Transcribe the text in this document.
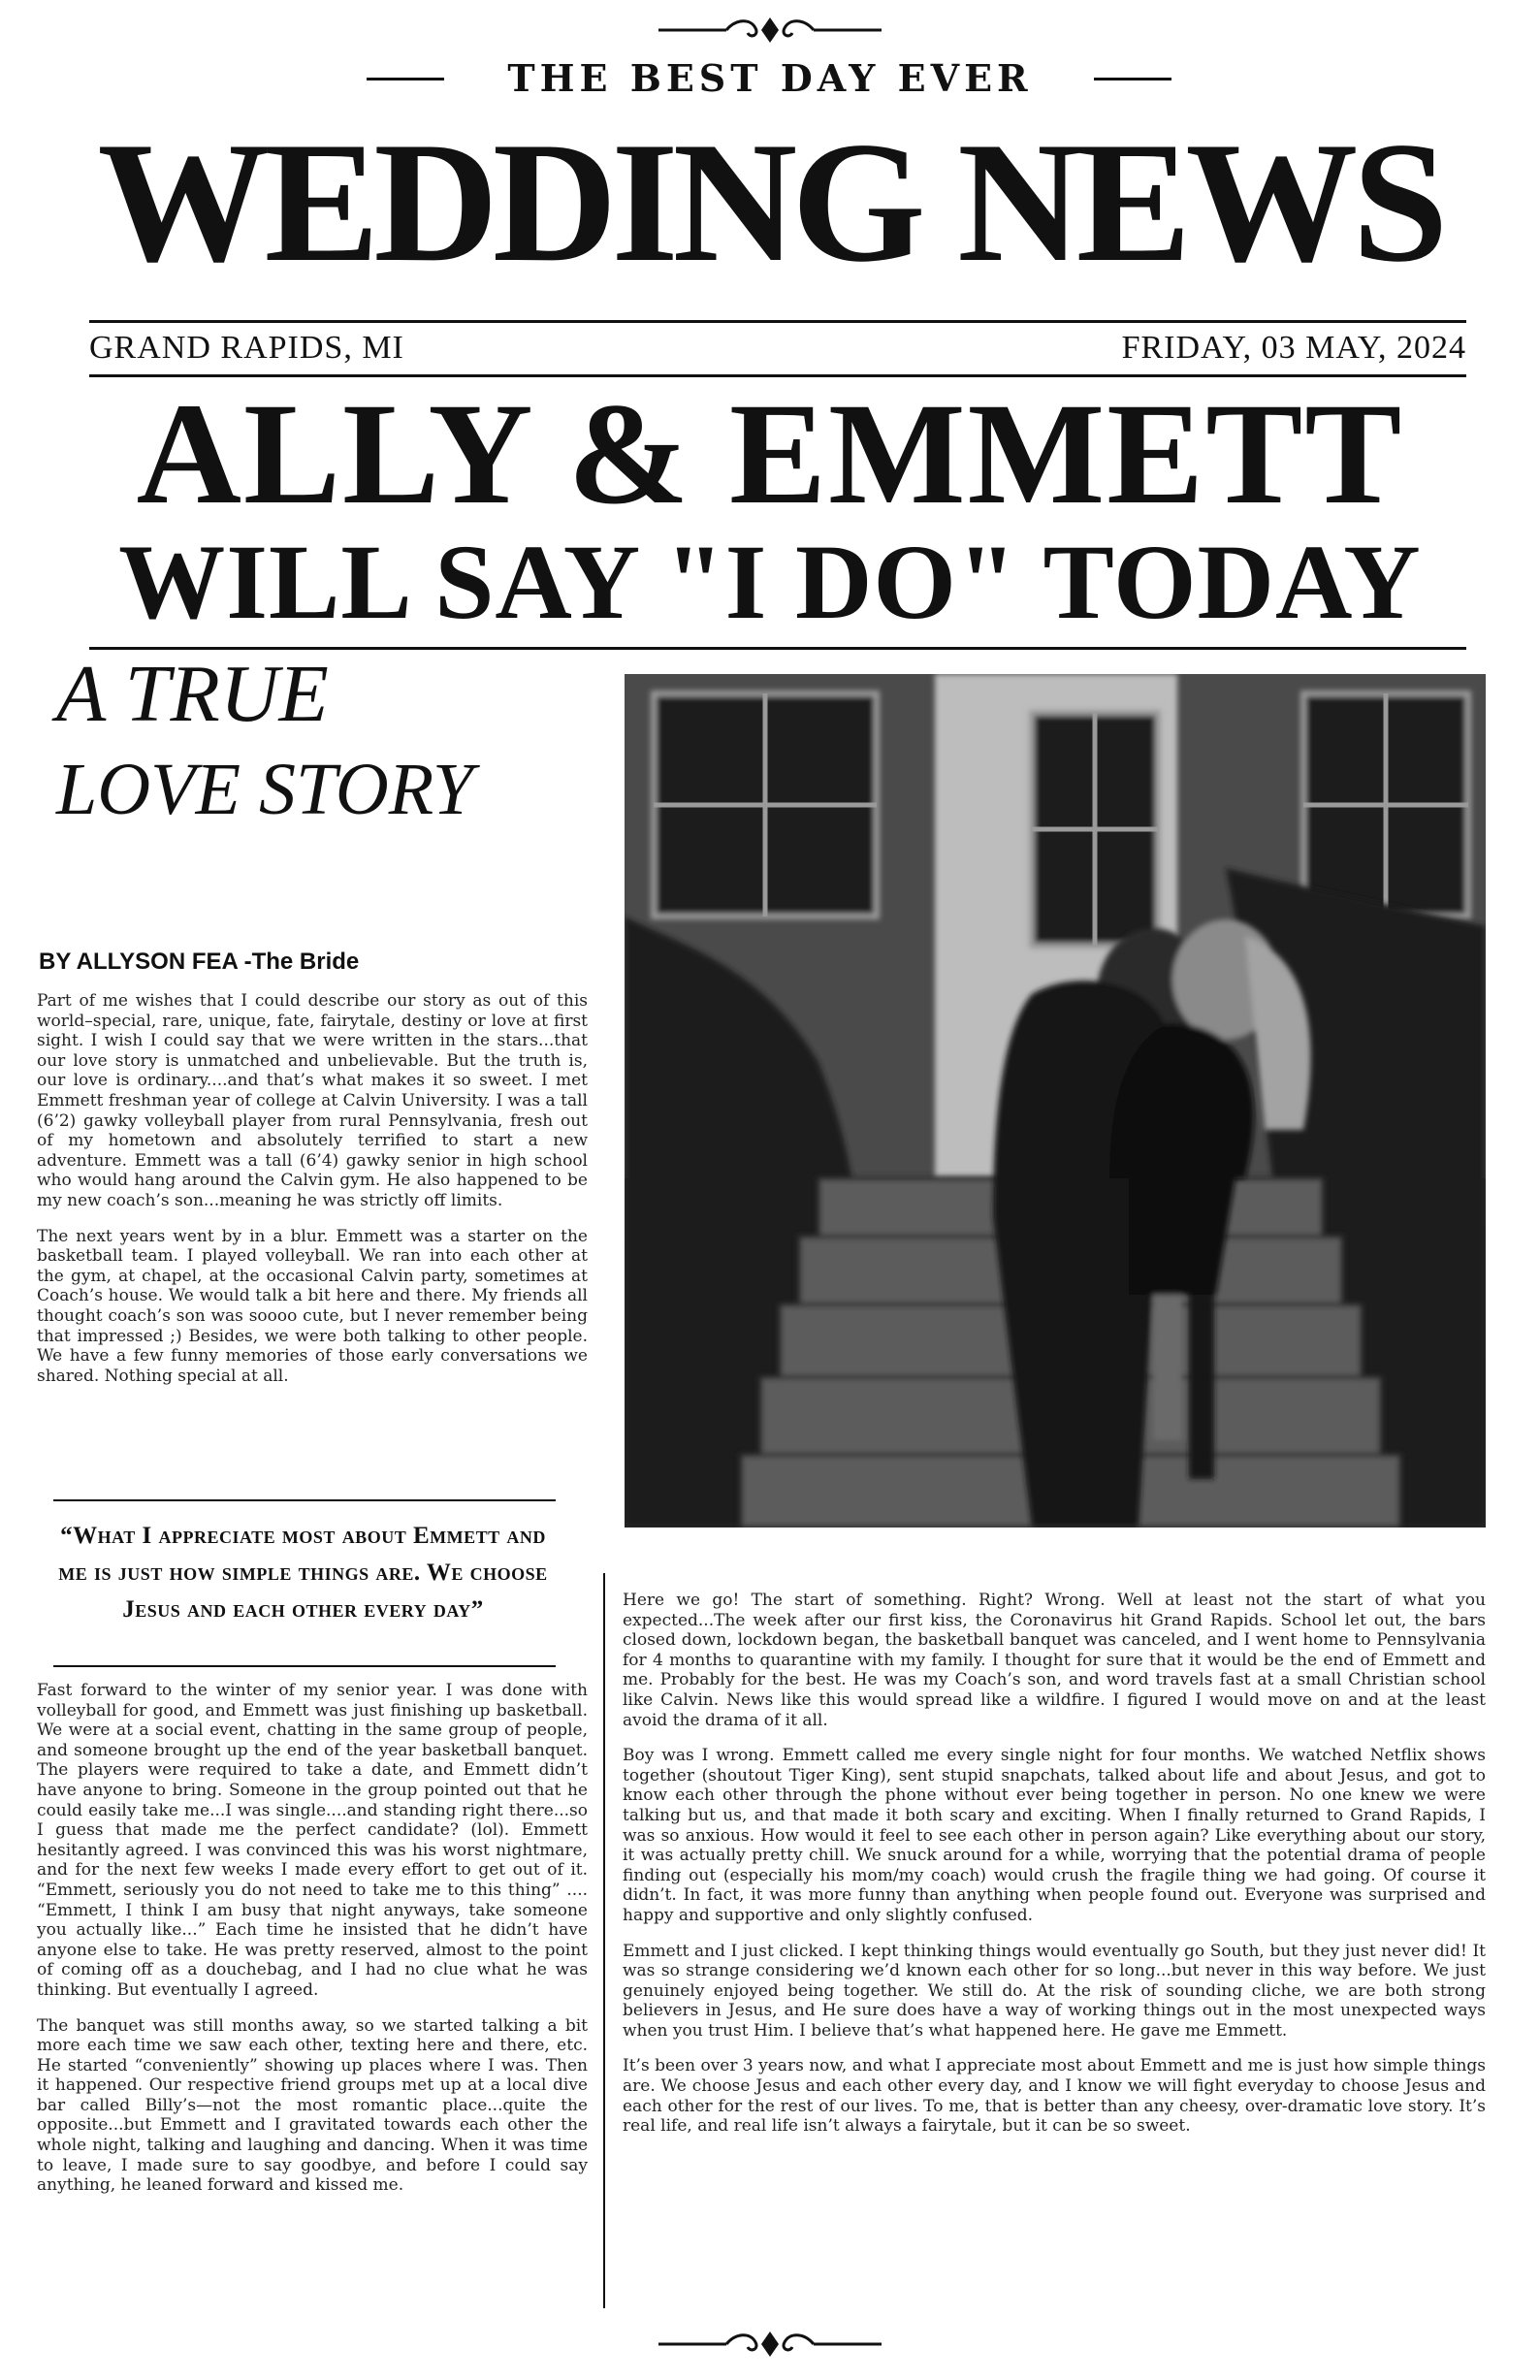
THE BEST DAY EVER
WEDDING NEWS
GRAND RAPIDS, MI	FRIDAY, 03 MAY, 2024
ALLY & EMMETT
WILL SAY "I DO" TODAY
A TRUE
LOVE STORY
BY ALLYSON FEA -The Bride

Part of me wishes that I could describe our story as out of this world–special, rare, unique, fate, fairytale, destiny or love at first sight. I wish I could say that we were written in the stars...that our love story is unmatched and unbelievable. But the truth is, our love is ordinary....and that’s what makes it so sweet. I met Emmett freshman year of college at Calvin University. I was a tall (6’2) gawky volleyball player from rural Pennsylvania, fresh out of my hometown and absolutely terrified to start a new adventure. Emmett was a tall (6’4) gawky senior in high school who would hang around the Calvin gym. He also happened to be my new coach’s son...meaning he was strictly off limits.

The next years went by in a blur. Emmett was a starter on the basketball team. I played volleyball. We ran into each other at the gym, at chapel, at the occasional Calvin party, sometimes at Coach’s house. We would talk a bit here and there. My friends all thought coach’s son was soooo cute, but I never remember being that impressed ;) Besides, we were both talking to other people. We have a few funny memories of those early conversations we shared. Nothing special at all.

“What I appreciate most about Emmett and me is just how simple things are. We choose Jesus and each other every day”

Fast forward to the winter of my senior year. I was done with volleyball for good, and Emmett was just finishing up basketball. We were at a social event, chatting in the same group of people, and someone brought up the end of the year basketball banquet. The players were required to take a date, and Emmett didn’t have anyone to bring. Someone in the group pointed out that he could easily take me...I was single....and standing right there...so I guess that made me the perfect candidate? (lol). Emmett hesitantly agreed. I was convinced this was his worst nightmare, and for the next few weeks I made every effort to get out of it. “Emmett, seriously you do not need to take me to this thing” .... “Emmett, I think I am busy that night anyways, take someone you actually like...” Each time he insisted that he didn’t have anyone else to take. He was pretty reserved, almost to the point of coming off as a douchebag, and I had no clue what he was thinking. But eventually I agreed.

The banquet was still months away, so we started talking a bit more each time we saw each other, texting here and there, etc. He started “conveniently” showing up places where I was. Then it happened. Our respective friend groups met up at a local dive bar called Billy’s—not the most romantic place...quite the opposite...but Emmett and I gravitated towards each other the whole night, talking and laughing and dancing. When it was time to leave, I made sure to say goodbye, and before I could say anything, he leaned forward and kissed me.

Here we go! The start of something. Right? Wrong. Well at least not the start of what you expected...The week after our first kiss, the Coronavirus hit Grand Rapids. School let out, the bars closed down, lockdown began, the basketball banquet was canceled, and I went home to Pennsylvania for 4 months to quarantine with my family. I thought for sure that it would be the end of Emmett and me. Probably for the best. He was my Coach’s son, and word travels fast at a small Christian school like Calvin. News like this would spread like a wildfire. I figured I would move on and at the least avoid the drama of it all.

Boy was I wrong. Emmett called me every single night for four months. We watched Netflix shows together (shoutout Tiger King), sent stupid snapchats, talked about life and about Jesus, and got to know each other through the phone without ever being together in person. No one knew we were talking but us, and that made it both scary and exciting. When I finally returned to Grand Rapids, I was so anxious. How would it feel to see each other in person again? Like everything about our story, it was actually pretty chill. We snuck around for a while, worrying that the potential drama of people finding out (especially his mom/my coach) would crush the fragile thing we had going. Of course it didn’t. In fact, it was more funny than anything when people found out. Everyone was surprised and happy and supportive and only slightly confused.

Emmett and I just clicked. I kept thinking things would eventually go South, but they just never did! It was so strange considering we’d known each other for so long...but never in this way before. We just genuinely enjoyed being together. We still do. At the risk of sounding cliche, we are both strong believers in Jesus, and He sure does have a way of working things out in the most unexpected ways when you trust Him. I believe that’s what happened here. He gave me Emmett.

It’s been over 3 years now, and what I appreciate most about Emmett and me is just how simple things are. We choose Jesus and each other every day, and I know we will fight everyday to choose Jesus and each other for the rest of our lives. To me, that is better than any cheesy, over-dramatic love story. It’s real life, and real life isn’t always a fairytale, but it can be so sweet.
